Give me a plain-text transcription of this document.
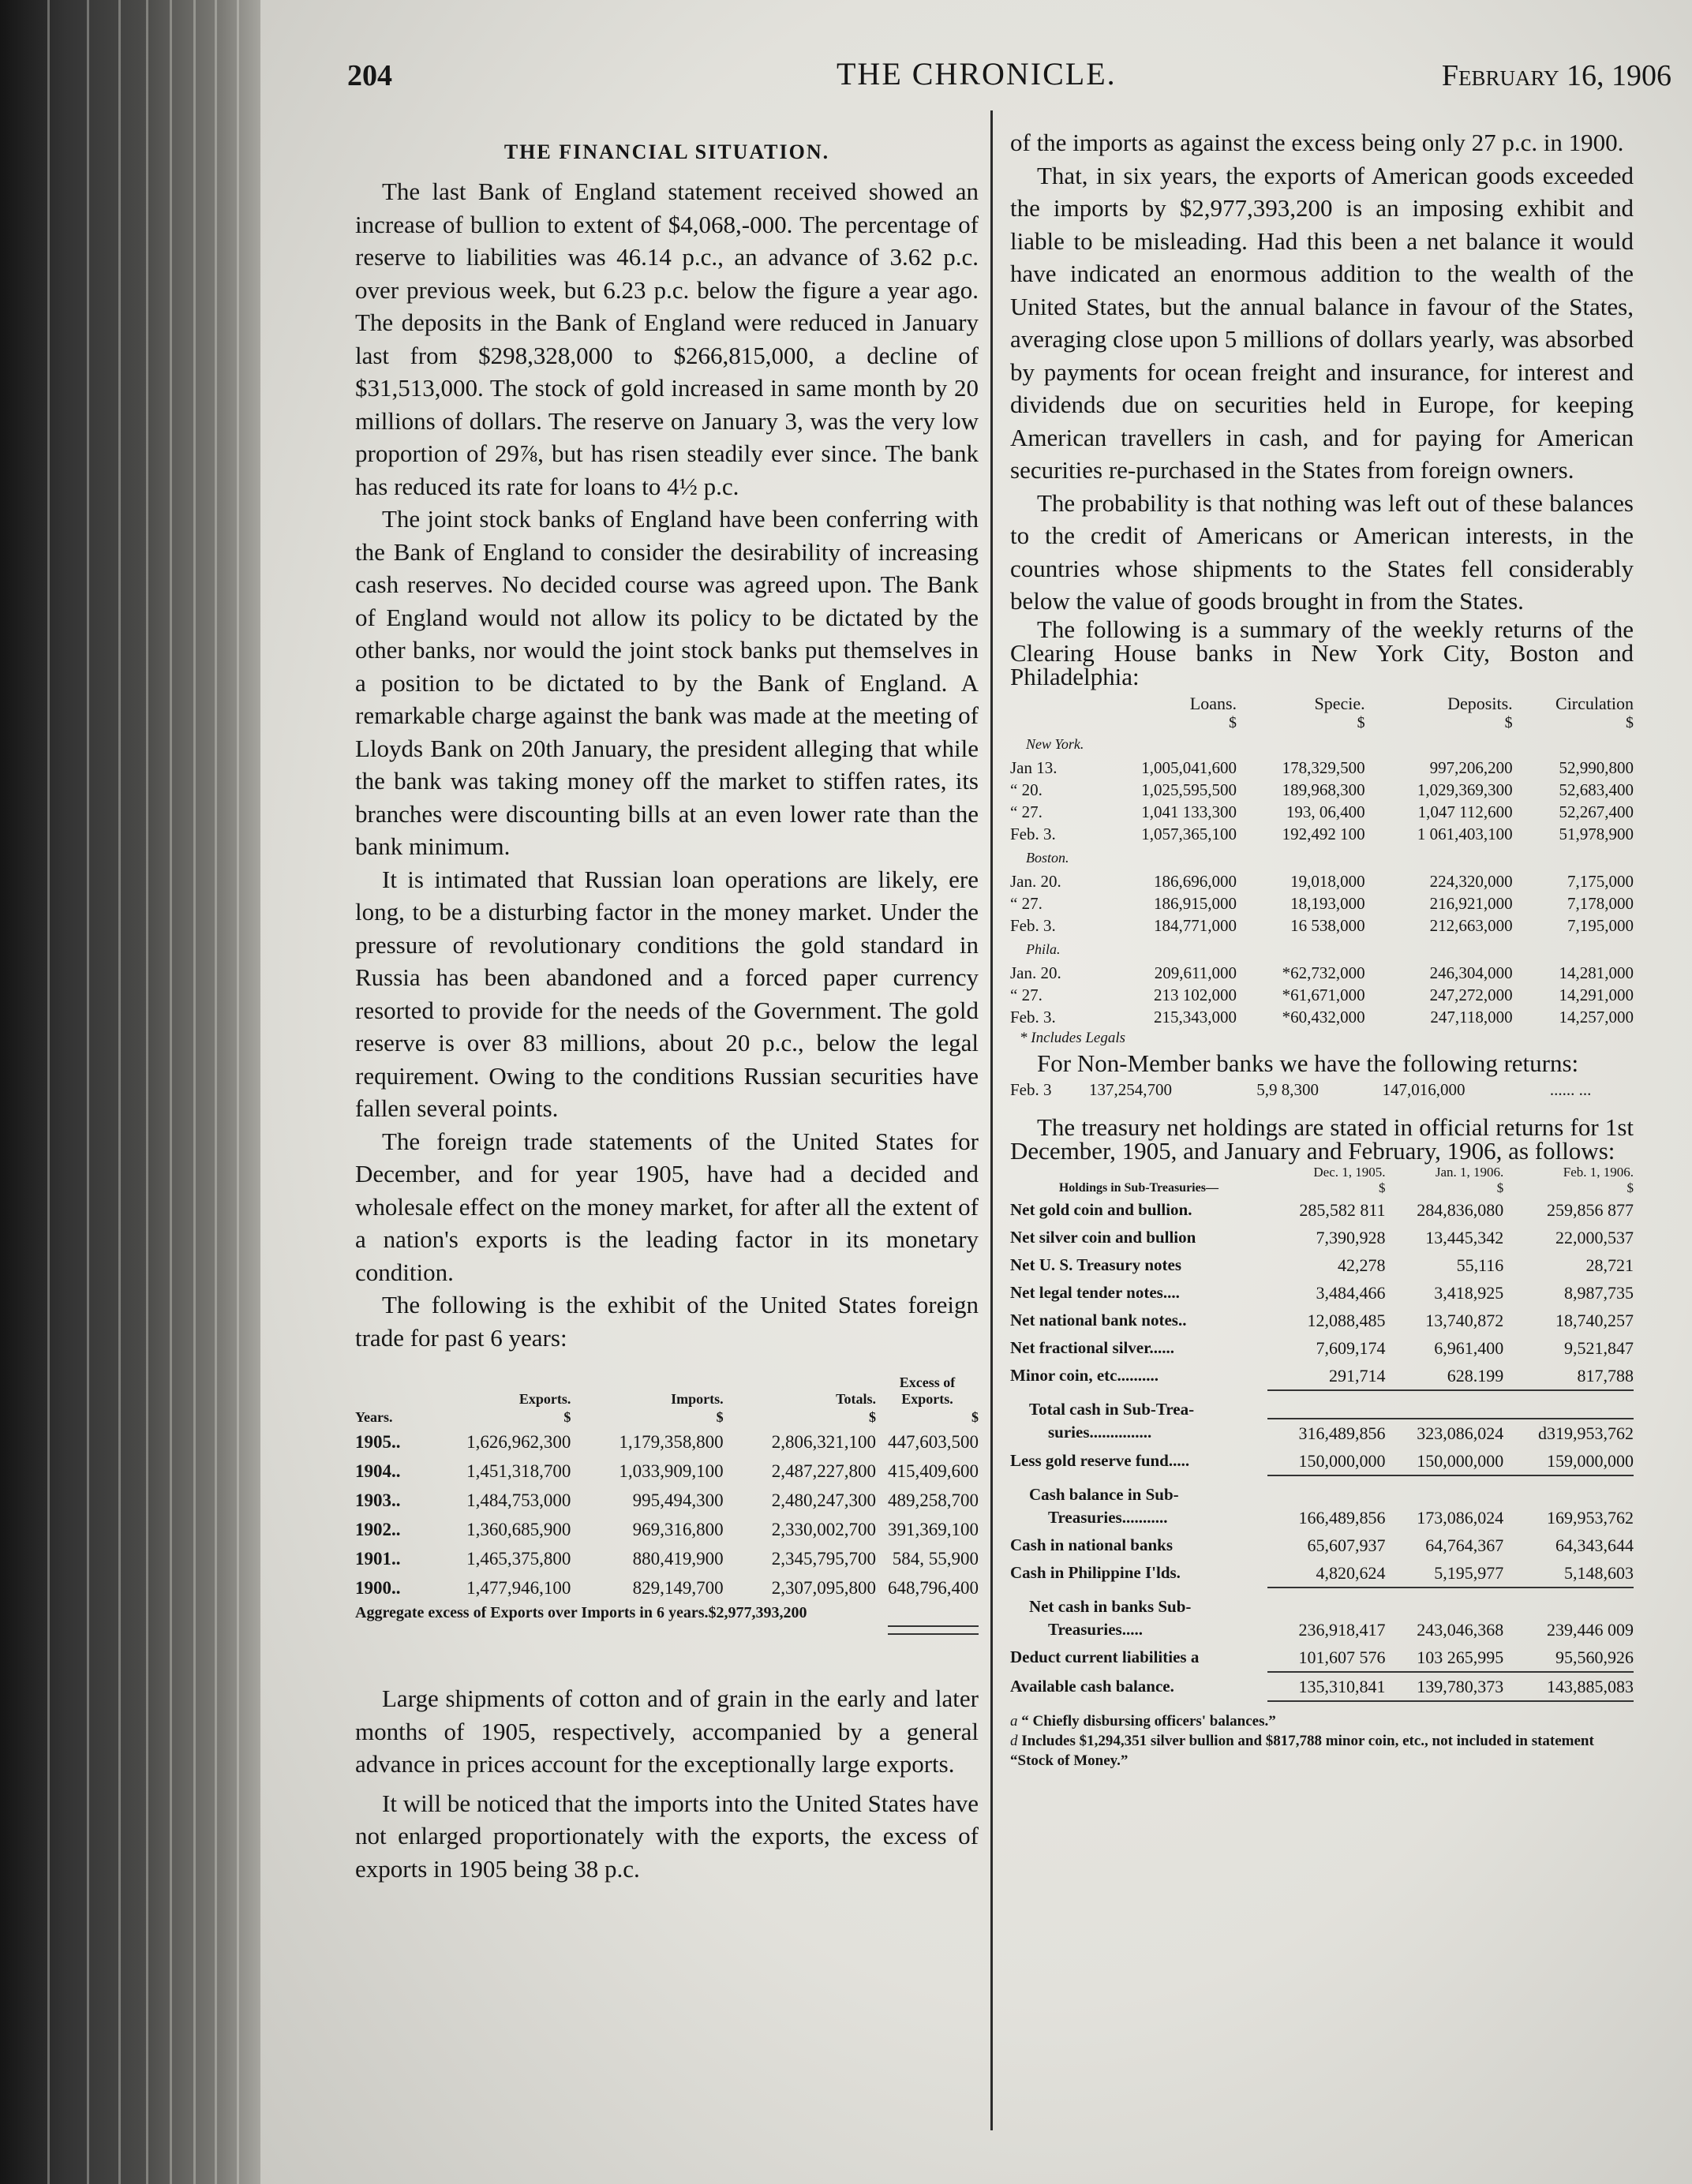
204	THE CHRONICLE.	February 16, 1906
THE FINANCIAL SITUATION.

The last Bank of England statement received showed an increase of bullion to extent of $4,068,-000. The percentage of reserve to liabilities was 46.14 p.c., an advance of 3.62 p.c. over previous week, but 6.23 p.c. below the figure a year ago. The deposits in the Bank of England were reduced in January last from $298,328,000 to $266,815,000, a decline of $31,513,000. The stock of gold increased in same month by 20 millions of dollars. The reserve on January 3, was the very low proportion of 29⅞, but has risen steadily ever since. The bank has reduced its rate for loans to 4½ p.c.

The joint stock banks of England have been conferring with the Bank of England to consider the desirability of increasing cash reserves. No decided course was agreed upon. The Bank of England would not allow its policy to be dictated by the other banks, nor would the joint stock banks put themselves in a position to be dictated to by the Bank of England. A remarkable charge against the bank was made at the meeting of Lloyds Bank on 20th January, the president alleging that while the bank was taking money off the market to stiffen rates, its branches were discounting bills at an even lower rate than the bank minimum.

It is intimated that Russian loan operations are likely, ere long, to be a disturbing factor in the money market. Under the pressure of revolutionary conditions the gold standard in Russia has been abandoned and a forced paper currency resorted to provide for the needs of the Government. The gold reserve is over 83 millions, about 20 p.c., below the legal requirement. Owing to the conditions Russian securities have fallen several points.

The foreign trade statements of the United States for December, and for year 1905, have had a decided and wholesale effect on the money market, for after all the extent of a nation's exports is the leading factor in its monetary condition.

The following is the exhibit of the United States foreign trade for past 6 years:

	Exports.	Imports.	Totals.	Excess of Exports.
Years.	$	$	$	$
1905..	1,626,962,300	1,179,358,800	2,806,321,100	447,603,500
1904..	1,451,318,700	1,033,909,100	2,487,227,800	415,409,600
1903..	1,484,753,000	995,494,300	2,480,247,300	489,258,700
1902..	1,360,685,900	969,316,800	2,330,002,700	391,369,100
1901..	1,465,375,800	880,419,900	2,345,795,700	584, 55,900
1900..	1,477,946,100	829,149,700	2,307,095,800	648,796,400
Aggregate excess of Exports over Imports in 6 years.$2,977,393,200

Large shipments of cotton and of grain in the early and later months of 1905, respectively, accompanied by a general advance in prices account for the exceptionally large exports.

It will be noticed that the imports into the United States have not enlarged proportionately with the exports, the excess of exports in 1905 being 38 p.c.

of the imports as against the excess being only 27 p.c. in 1900.

That, in six years, the exports of American goods exceeded the imports by $2,977,393,200 is an imposing exhibit and liable to be misleading. Had this been a net balance it would have indicated an enormous addition to the wealth of the United States, but the annual balance in favour of the States, averaging close upon 5 millions of dollars yearly, was absorbed by payments for ocean freight and insurance, for interest and dividends due on securities held in Europe, for keeping American travellers in cash, and for paying for American securities re-purchased in the States from foreign owners.

The probability is that nothing was left out of these balances to the credit of Americans or American interests, in the countries whose shipments to the States fell considerably below the value of goods brought in from the States.

The following is a summary of the weekly returns of the Clearing House banks in New York City, Boston and Philadelphia:

	Loans.	Specie.	Deposits.	Circulation
	$	$	$	$
New York.				
Jan 13.	1,005,041,600	178,329,500	997,206,200	52,990,800
“ 20.	1,025,595,500	189,968,300	1,029,369,300	52,683,400
“ 27.	1,041 133,300	193, 06,400	1,047 112,600	52,267,400
Feb. 3.	1,057,365,100	192,492 100	1 061,403,100	51,978,900
Boston.				
Jan. 20.	186,696,000	19,018,000	224,320,000	7,175,000
“ 27.	186,915,000	18,193,000	216,921,000	7,178,000
Feb. 3.	184,771,000	16 538,000	212,663,000	7,195,000
Phila.				
Jan. 20.	209,611,000	*62,732,000	246,304,000	14,281,000
“ 27.	213 102,000	*61,671,000	247,272,000	14,291,000
Feb. 3.	215,343,000	*60,432,000	247,118,000	14,257,000
* Includes Legals

For Non-Member banks we have the following returns:

Feb. 3	137,254,700	5,9 8,300	147,016,000	...... ...

The treasury net holdings are stated in official returns for 1st December, 1905, and January and February, 1906, as follows:

	Dec. 1, 1905.	Jan. 1, 1906.	Feb. 1, 1906.
Holdings in Sub-Treasuries—	$	$	$
Net gold coin and bullion.	285,582 811	284,836,080	259,856 877
Net silver coin and bullion	7,390,928	13,445,342	22,000,537
Net U. S. Treasury notes	42,278	55,116	28,721
Net legal tender notes....	3,484,466	3,418,925	8,987,735
Net national bank notes..	12,088,485	13,740,872	18,740,257
Net fractional silver......	7,609,174	6,961,400	9,521,847
Minor coin, etc..........	291,714	628.199	817,788
Total cash in Sub-Trea-			
suries...............	316,489,856	323,086,024	d319,953,762
Less gold reserve fund.....	150,000,000	150,000,000	159,000,000
Cash balance in Sub-			
Treasuries...........	166,489,856	173,086,024	169,953,762
Cash in national banks	65,607,937	64,764,367	64,343,644
Cash in Philippine I'lds.	4,820,624	5,195,977	5,148,603
Net cash in banks Sub-			
Treasuries.....	236,918,417	243,046,368	239,446 009
Deduct current liabilities a	101,607 576	103 265,995	95,560,926
Available cash balance.	135,310,841	139,780,373	143,885,083
a “ Chiefly disbursing officers' balances.”
d Includes $1,294,351 silver bullion and $817,788 minor coin, etc., not included in statement “Stock of Money.”
